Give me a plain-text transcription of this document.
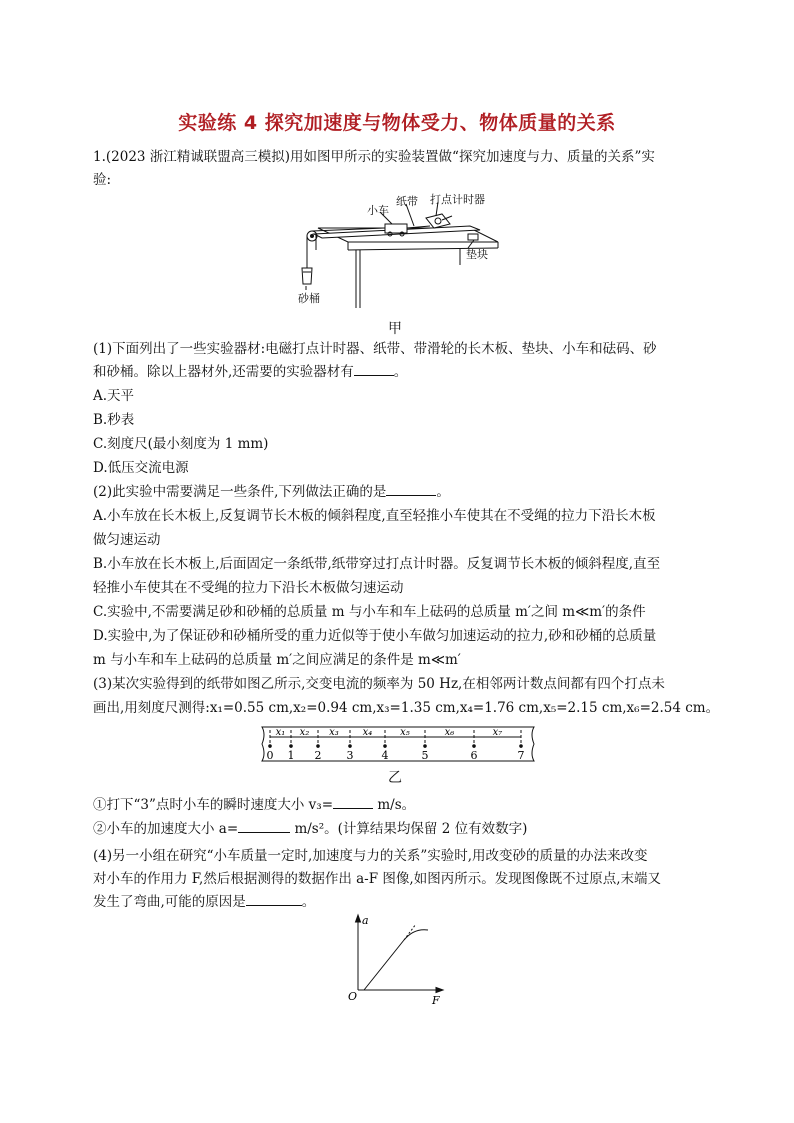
实验练 4 探究加速度与物体受力、物体质量的关系
1.(2023 浙江精诚联盟高三模拟)用如图甲所示的实验装置做“探究加速度与力、质量的关系”实
验:
小车
纸带 打点计时器
垫块
砂桶
甲
(1)下面列出了一些实验器材:电磁打点计时器、纸带、带滑轮的长木板、垫块、小车和砝码、砂
和砂桶。除以上器材外,还需要的实验器材有	。
A.天平
B.秒表
C.刻度尺(最小刻度为 1 mm)
D.低压交流电源
(2)此实验中需要满足一些条件,下列做法正确的是	。
A.小车放在长木板上,反复调节长木板的倾斜程度,直至轻推小车使其在不受绳的拉力下沿长木板
做匀速运动
B.小车放在长木板上,后面固定一条纸带,纸带穿过打点计时器。反复调节长木板的倾斜程度,直至
轻推小车使其在不受绳的拉力下沿长木板做匀速运动
C.实验中,不需要满足砂和砂桶的总质量 m 与小车和车上砝码的总质量 m′之间 m≪m′的条件
D.实验中,为了保证砂和砂桶所受的重力近似等于使小车做匀加速运动的拉力,砂和砂桶的总质量
m 与小车和车上砝码的总质量 m′之间应满足的条件是 m≪m′
(3)某次实验得到的纸带如图乙所示,交变电流的频率为 50 Hz,在相邻两计数点间都有四个打点未
画出,用刻度尺测得:x₁=0.55 cm,x₂=0.94 cm,x₃=1.35 cm,x₄=1.76 cm,x₅=2.15 cm,x₆=2.54 cm。
0 1 2 3	4	5	6	7
x₁ x₂ x₃ x₄	x₅	x₆	x₇
乙
①打下“3”点时小车的瞬时速度大小 v₃=	m/s。
②小车的加速度大小 a=	m/s²。(计算结果均保留 2 位有效数字)
(4)另一小组在研究“小车质量一定时,加速度与力的关系”实验时,用改变砂的质量的办法来改变
对小车的作用力 F,然后根据测得的数据作出 a-F 图像,如图丙所示。发现图像既不过原点,末端又
发生了弯曲,可能的原因是	。
a
O	F
